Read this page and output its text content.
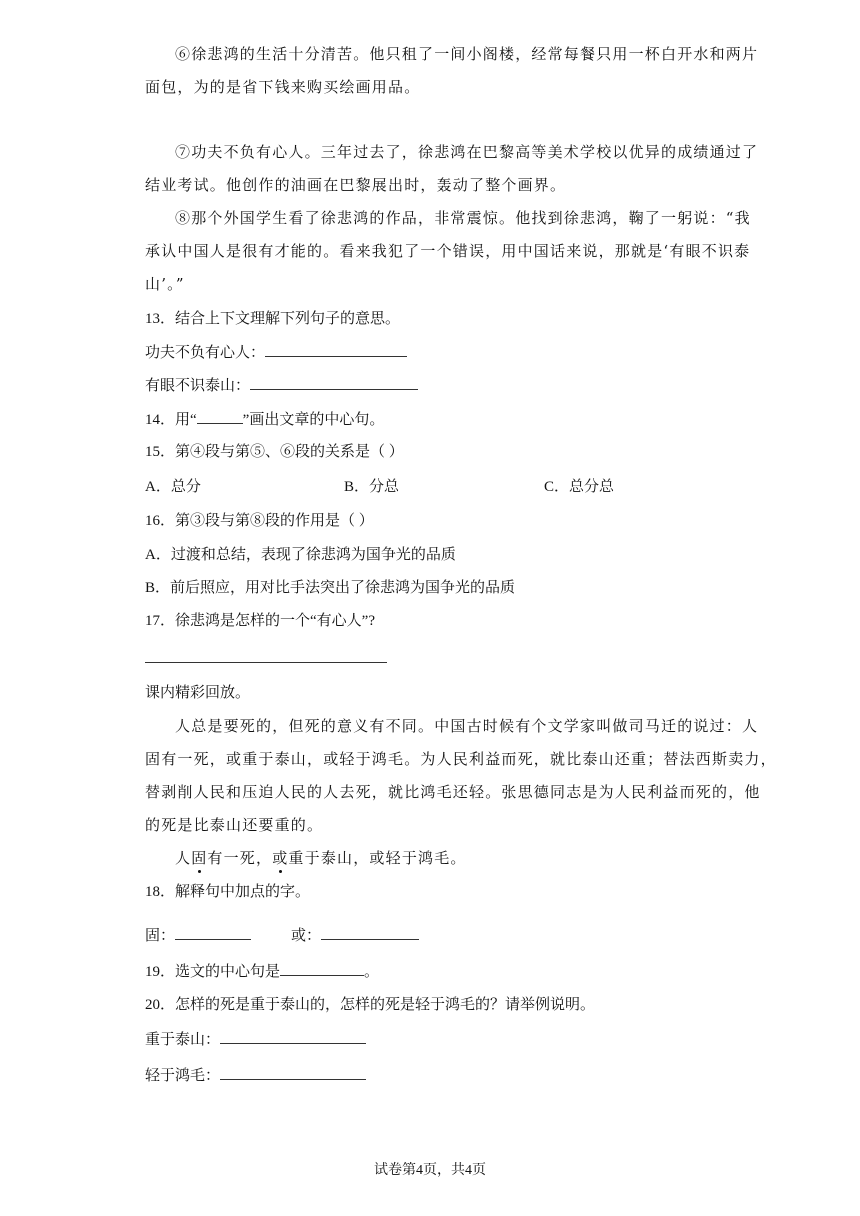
⑥徐悲鸿的生活十分清苦。他只租了一间小阁楼，经常每餐只用一杯白开水和两片
面包，为的是省下钱来购买绘画用品。
⑦功夫不负有心人。三年过去了，徐悲鸿在巴黎高等美术学校以优异的成绩通过了
结业考试。他创作的油画在巴黎展出时，轰动了整个画界。
⑧那个外国学生看了徐悲鸿的作品，非常震惊。他找到徐悲鸿，鞠了一躬说：“我
承认中国人是很有才能的。看来我犯了一个错误，用中国话来说，那就是‘有眼不识泰
山’。”
13．结合上下文理解下列句子的意思。
功夫不负有心人：
有眼不识泰山：
14．用“	”画出文章的中心句。
15．第④段与第⑤、⑥段的关系是（ ）
A．总分	B．分总	C．总分总
16．第③段与第⑧段的作用是（ ）
A．过渡和总结，表现了徐悲鸿为国争光的品质
B．前后照应，用对比手法突出了徐悲鸿为国争光的品质
17．徐悲鸿是怎样的一个“有心人”?
课内精彩回放。
人总是要死的，但死的意义有不同。中国古时候有个文学家叫做司马迁的说过：人
固有一死，或重于泰山，或轻于鸿毛。为人民利益而死，就比泰山还重；替法西斯卖力，
替剥削人民和压迫人民的人去死，就比鸿毛还轻。张思德同志是为人民利益而死的，他
的死是比泰山还要重的。
人固有一死，或重于泰山，或轻于鸿毛。
18．解释句中加点的字。
固：	或：
19．选文的中心句是	。
20．怎样的死是重于泰山的，怎样的死是轻于鸿毛的？请举例说明。
重于泰山：
轻于鸿毛：
试卷第4页，共4页
